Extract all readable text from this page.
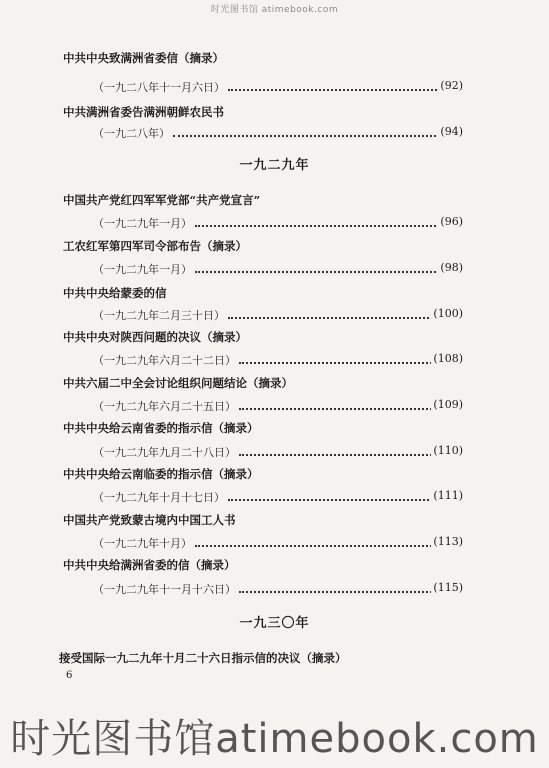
时光图书馆 atimebook.com
中共中央致满洲省委信（摘录）
（一九二八年十一月六日）	(92)
中共满洲省委告满洲朝鲜农民书
（一九二八年）	(94)
一九二九年
中国共产党红四军军党部“共产党宣言”
（一九二九年一月）	(96)
工农红军第四军司令部布告（摘录）
（一九二九年一月）	(98)
中共中央给蒙委的信
（一九二九年二月三十日）	(100)
中共中央对陕西问题的决议（摘录）
（一九二九年六月二十二日）	(108)
中共六届二中全会讨论组织问题结论（摘录）
（一九二九年六月二十五日）	(109)
中共中央给云南省委的指示信（摘录）
（一九二九年九月二十八日）	(110)
中共中央给云南临委的指示信（摘录）
（一九二九年十月十七日）	(111)
中国共产党致蒙古境内中国工人书
（一九二九年十月）	(113)
中共中央给满洲省委的信（摘录）
（一九二九年十一月十六日）	(115)
一九三〇年
接受国际一九二九年十月二十六日指示信的决议（摘录）
6
时光图书馆atimebook.com
